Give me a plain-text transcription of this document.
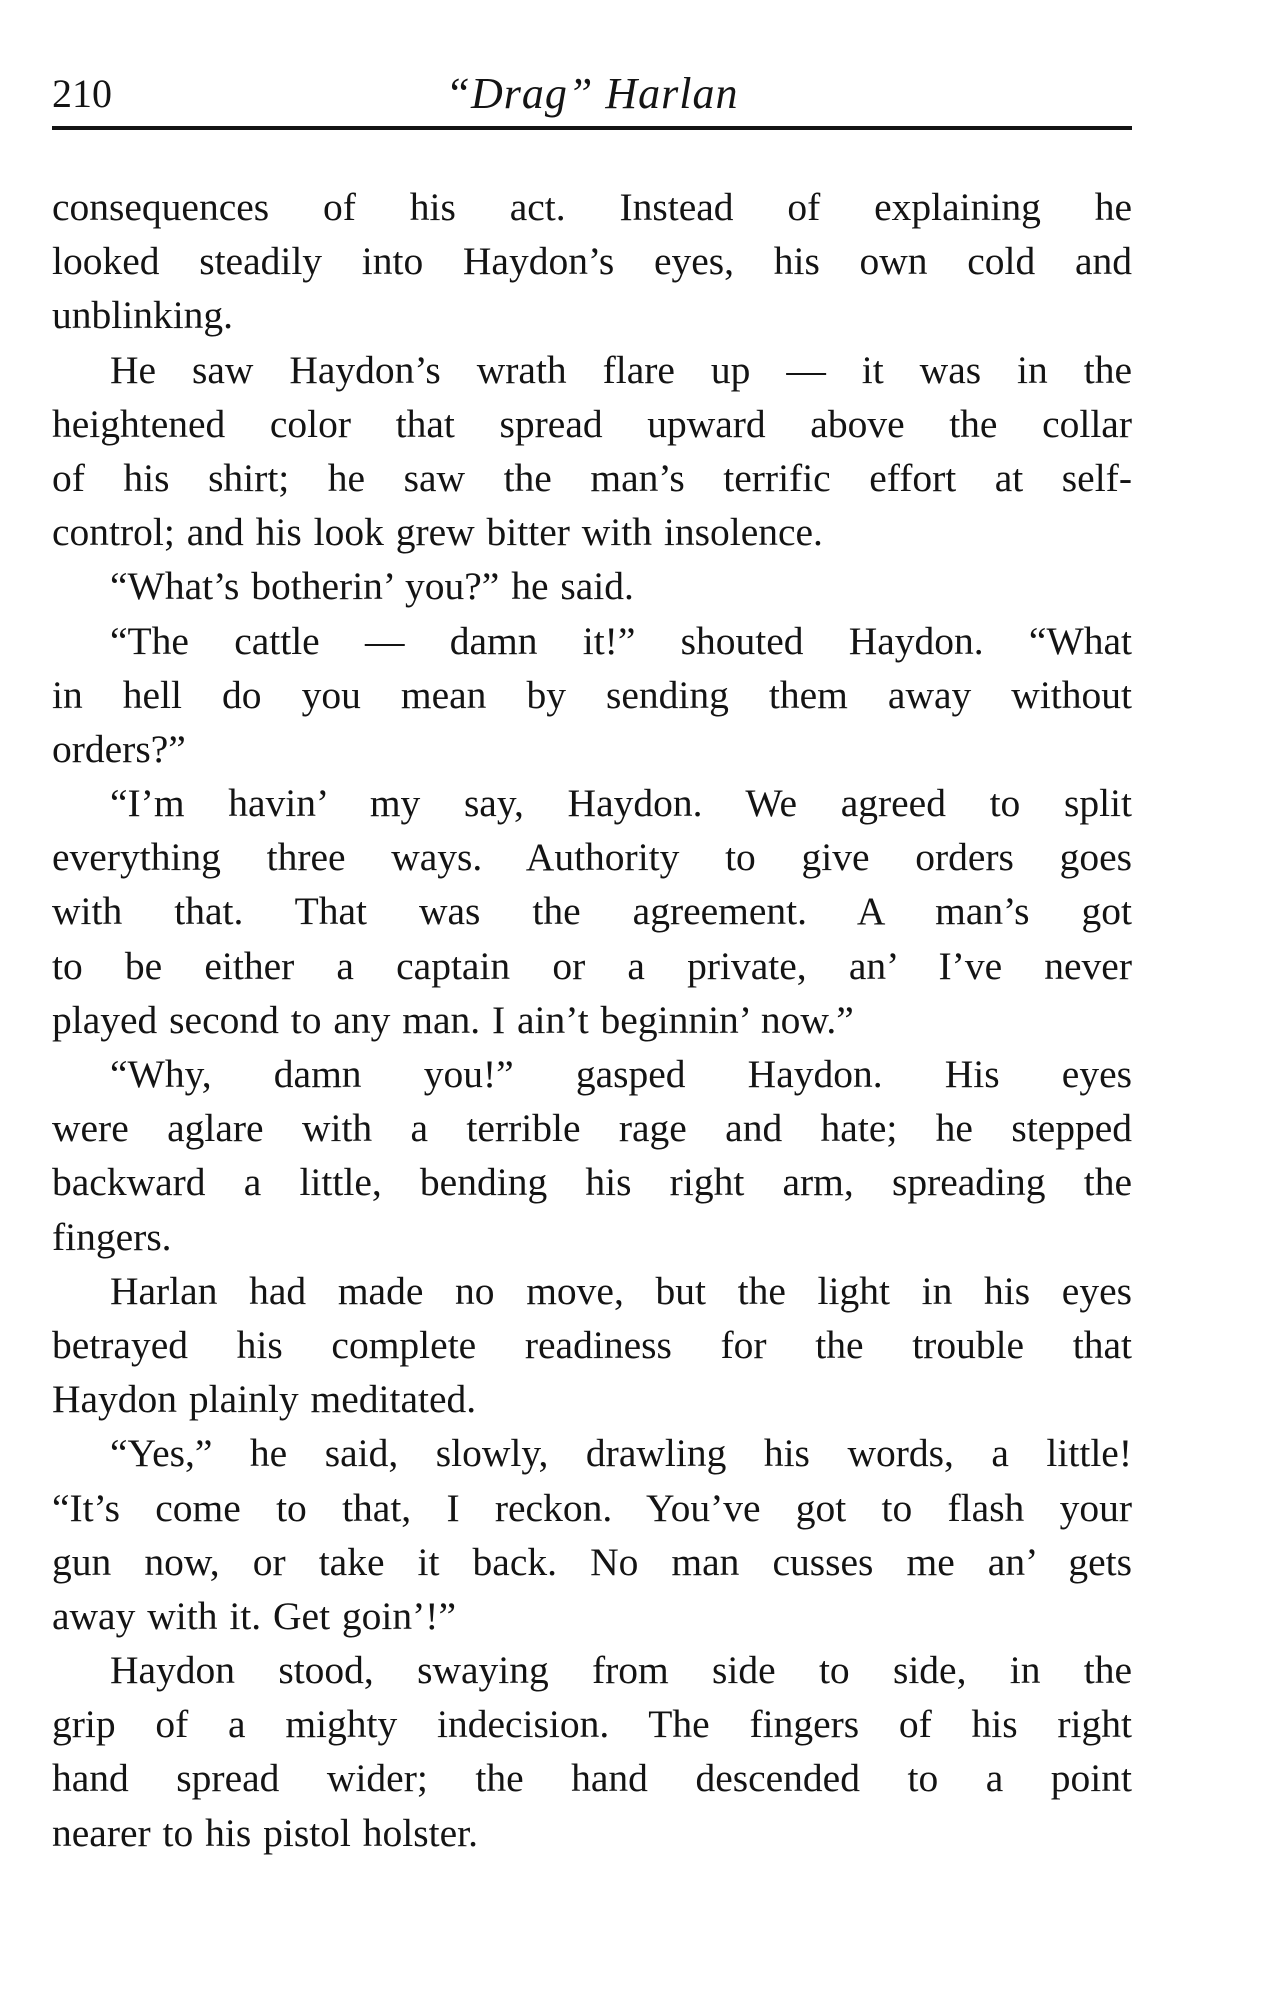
210	“Drag” Harlan
consequences of his act. Instead of explaining he
looked steadily into Haydon’s eyes, his own cold and
unblinking.
He saw Haydon’s wrath flare up — it was in the
heightened color that spread upward above the collar
of his shirt; he saw the man’s terrific effort at self-
control; and his look grew bitter with insolence.
“What’s botherin’ you?” he said.
“The cattle — damn it!” shouted Haydon. “What
in hell do you mean by sending them away without
orders?”
“I’m havin’ my say, Haydon. We agreed to split
everything three ways. Authority to give orders goes
with that. That was the agreement. A man’s got
to be either a captain or a private, an’ I’ve never
played second to any man. I ain’t beginnin’ now.”
“Why, damn you!” gasped Haydon. His eyes
were aglare with a terrible rage and hate; he stepped
backward a little, bending his right arm, spreading the
fingers.
Harlan had made no move, but the light in his eyes
betrayed his complete readiness for the trouble that
Haydon plainly meditated.
“Yes,” he said, slowly, drawling his words, a little!
“It’s come to that, I reckon. You’ve got to flash your
gun now, or take it back. No man cusses me an’ gets
away with it. Get goin’!”
Haydon stood, swaying from side to side, in the
grip of a mighty indecision. The fingers of his right
hand spread wider; the hand descended to a point
nearer to his pistol holster.
